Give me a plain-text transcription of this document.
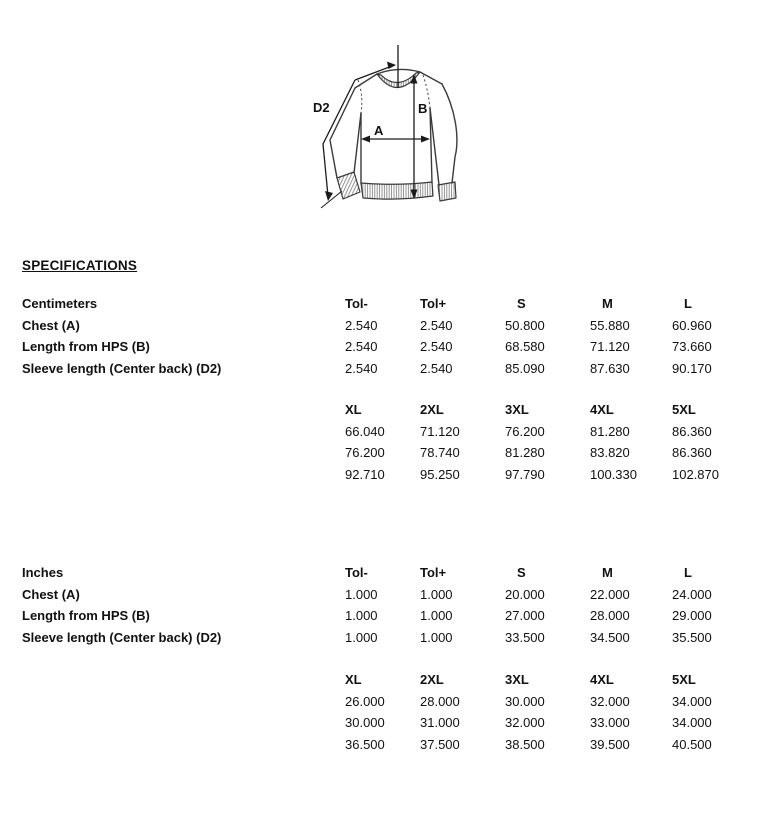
D2
A
B
SPECIFICATIONS
Centimeters	Tol-	Tol+	S	M	L
Chest (A)	2.540	2.540	50.800	55.880	60.960
Length from HPS (B)	2.540	2.540	68.580	71.120	73.660
Sleeve length (Center back) (D2)	2.540	2.540	85.090	87.630	90.170
	XL	2XL	3XL	4XL	5XL
	66.040	71.120	76.200	81.280	86.360
	76.200	78.740	81.280	83.820	86.360
	92.710	95.250	97.790	100.330	102.870
Inches	Tol-	Tol+	S	M	L
Chest (A)	1.000	1.000	20.000	22.000	24.000
Length from HPS (B)	1.000	1.000	27.000	28.000	29.000
Sleeve length (Center back) (D2)	1.000	1.000	33.500	34.500	35.500
	XL	2XL	3XL	4XL	5XL
	26.000	28.000	30.000	32.000	34.000
	30.000	31.000	32.000	33.000	34.000
	36.500	37.500	38.500	39.500	40.500
